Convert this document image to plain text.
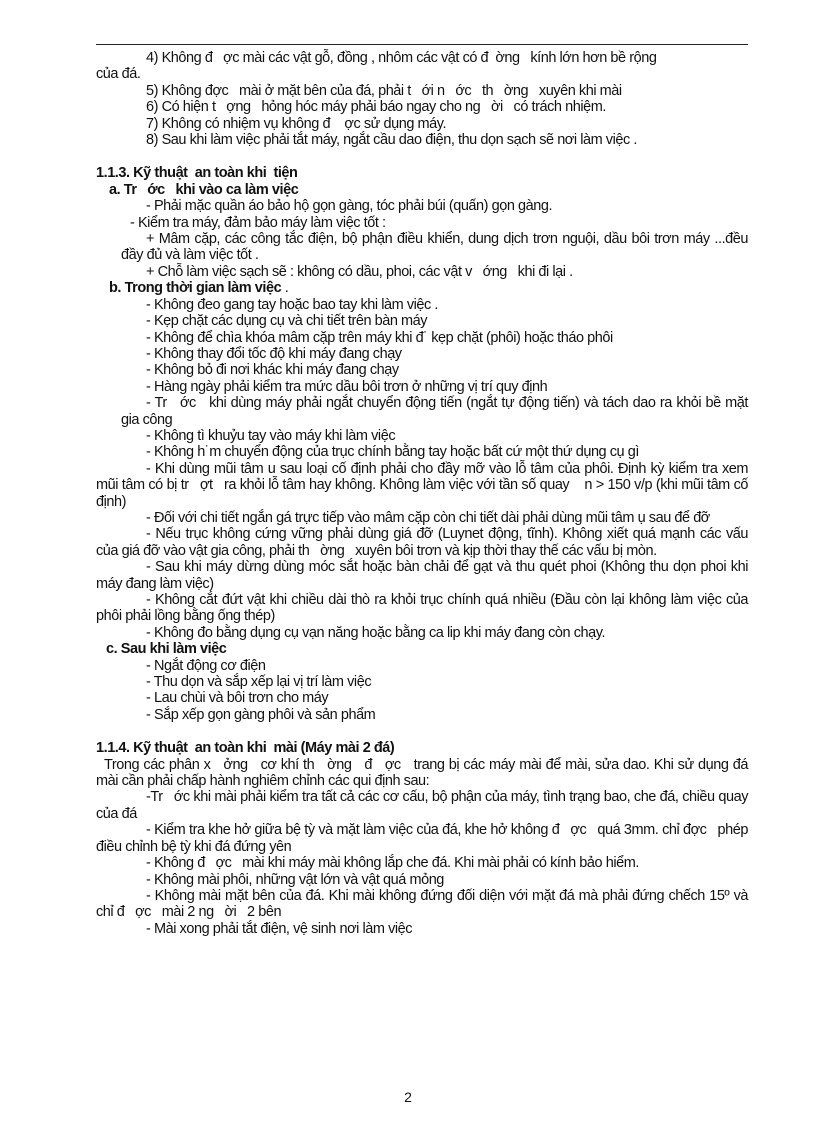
4) Không đ   ợc mài các vật gỗ, đồng , nhôm các vật có đ  ờng   kính lớn hơn bề rộng

của đá.

5) Không đ​ợc   mài ở mặt bên của đá, phải t   ới n   ớc   th   ờng   xuyên khi mài

6) Có hiện t   ợng   hỏng hóc máy phải báo ngay cho ng   ời   có trách nhiệm.

7) Không có nhiệm vụ không đ    ợc sử dụng máy.

8) Sau khi làm việc phải tắt máy, ngắt cầu dao điện, thu dọn sạch sẽ nơi làm việc .

1.1.3. Kỹ thuật  an toàn khi  tiện

a. Tr   ớc   khi vào ca làm việc

- Phải mặc quần áo bảo hộ gọn gàng, tóc phải búi (quấn) gọn gàng.

- Kiểm tra máy, đảm bảo máy làm việc tốt :

+ Mâm cặp, các công tắc điện, bộ phận điều khiển, dung dịch trơn nguội, dầu bôi trơn máy ...đều đầy đủ và làm việc tốt .

+ Chỗ làm việc sạch sẽ : không có dầu, phoi, các vật v   ớng   khi đi lại .

b. Trong thời gian làm việc .

- Không đeo gang tay hoặc bao tay khi làm việc .

- Kẹp chặt các dụng cụ và chi tiết trên bàn máy

- Không để chìa khóa mâm cặp trên máy khi đ˙ kẹp chặt (phôi) hoặc tháo phôi

- Không thay đổi tốc độ khi máy đang chạy

- Không bỏ đi nơi khác khi máy đang chạy

- Hàng ngày phải kiểm tra mức dầu bôi trơn ở những vị trí quy định

- Tr   ớc   khi dùng máy phải ngắt chuyển động tiến (ngắt tự động tiến) và tách dao ra khỏi bề mặt gia công

- Không tì khuỷu tay vào máy khi làm việc

- Không h˙m chuyển động của trục chính bằng tay hoặc bất cứ một thứ dụng cụ gì

- Khi dùng mũi tâm u sau loại cố định phải cho đầy mỡ vào lỗ tâm của phôi. Định kỳ kiểm tra xem mũi tâm có bị tr   ợt   ra khỏi lỗ tâm hay không. Không làm việc với tần số quay    n > 150 v/p (khi mũi tâm cố định)

- Đối với chi tiết ngắn gá trực tiếp vào mâm cặp còn chi tiết dài phải dùng mũi tâm ụ sau để đỡ

- Nếu trục không cứng vững phải dùng giá đỡ (Luynet động, tĩnh). Không xiết quá mạnh các vấu của giá đỡ vào vật gia công, phải th   ờng   xuyên bôi trơn và kịp thời thay thế các vấu bị mòn.

- Sau khi máy dừng dùng móc sắt hoặc bàn chải để gạt và thu quét phoi (Không thu dọn phoi khi máy đang làm việc)

- Không cắt đứt vật khi chiều dài thò ra khỏi trục chính quá nhiều (Đầu còn lại không làm việc của phôi phải lồng bằng ống thép)

- Không đo bằng dụng cụ vạn năng hoặc bằng ca lip khi máy đang còn chạy.

c. Sau khi làm việc

- Ngắt động cơ điện

- Thu dọn và sắp xếp lại vị trí làm việc

- Lau chùi và bôi trơn cho máy

- Sắp xếp gọn gàng phôi và sản phẩm

1.1.4. Kỹ thuật  an toàn khi  mài (Máy mài 2 đá)

Trong các phân x   ởng   cơ khí th   ờng   đ   ợc   trang bị các máy mài để mài, sửa dao. Khi sử dụng đá mài cần phải chấp hành nghiêm chỉnh các qui định sau:

-Tr   ớc khi mài phải kiểm tra tất cả các cơ cấu, bộ phận của máy, tình trạng bao, che đá, chiều quay của đá

- Kiểm tra khe hở giữa bệ tỳ và mặt làm việc của đá, khe hở không đ   ợc   quá 3mm. chỉ đ​ợc   phép điều chỉnh bệ tỳ khi đá đứng yên

- Không đ   ợc   mài khi máy mài không lắp che đá. Khi mài phải có kính bảo hiểm.

- Không mài phôi, những vật lớn và vật quá mỏng

- Không mài mặt bên của đá. Khi mài không đứng đối diện với mặt đá mà phải đứng chếch 15º và chỉ đ   ợc   mài 2 ng   ời   2 bên

- Mài xong phải tắt điện, vệ sinh nơi làm việc

2
